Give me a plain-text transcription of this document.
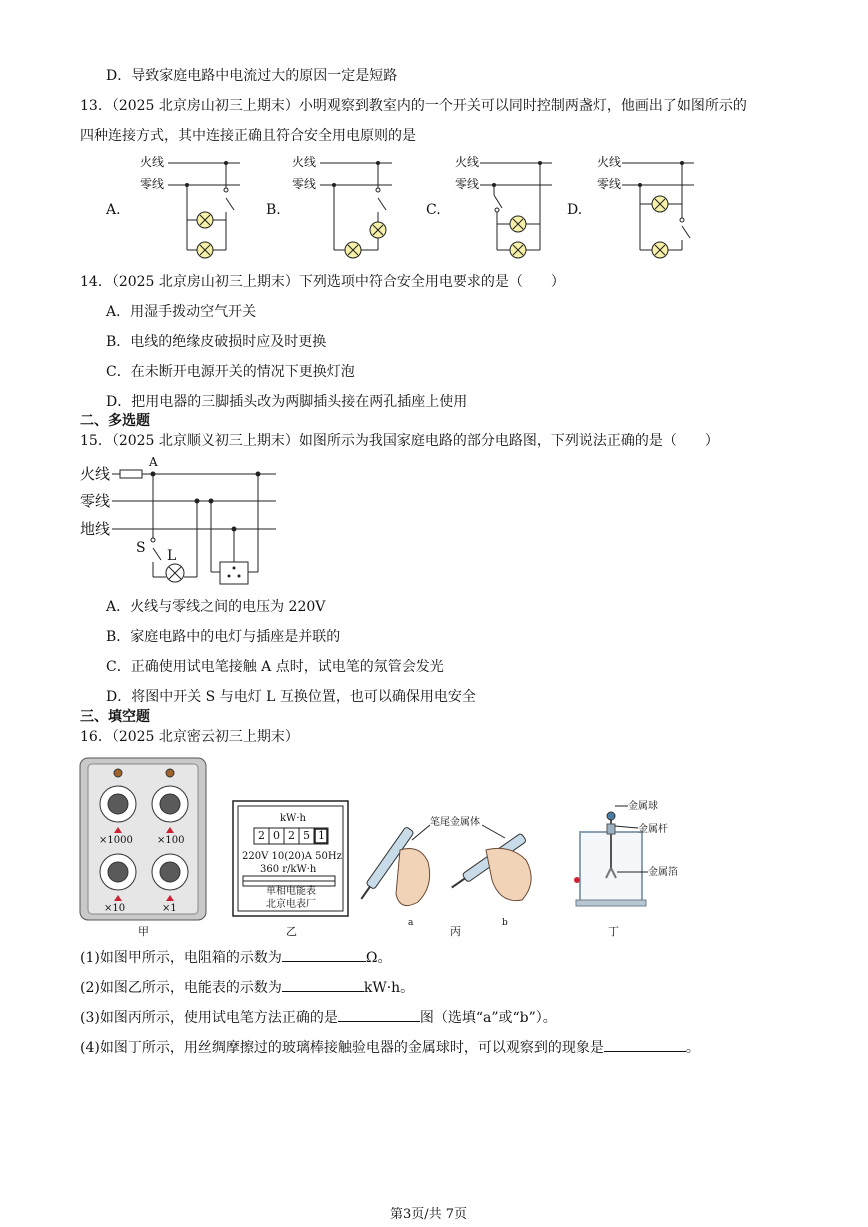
D．导致家庭电路中电流过大的原因一定是短路
13．（2025 北京房山初三上期末）小明观察到教室内的一个开关可以同时控制两盏灯，他画出了如图所示的
四种连接方式，其中连接正确且符合安全用电原则的是
A.
火线
零线
B.
火线
零线
C.
火线
零线
D.
火线
零线
14．（2025 北京房山初三上期末）下列选项中符合安全用电要求的是（　　）
A．用湿手拨动空气开关
B．电线的绝缘皮破损时应及时更换
C．在未断开电源开关的情况下更换灯泡
D．把用电器的三脚插头改为两脚插头接在两孔插座上使用
二、多选题
15．（2025 北京顺义初三上期末）如图所示为我国家庭电路的部分电路图，下列说法正确的是（　　）
火线
零线
地线
A
S L
A．火线与零线之间的电压为 220V
B．家庭电路中的电灯与插座是并联的
C．正确使用试电笔接触 A 点时，试电笔的氖管会发光
D．将图中开关 S 与电灯 L 互换位置，也可以确保用电安全
三、填空题
16．（2025 北京密云初三上期末）
×1000 ×100
×10	×1
甲
kW·h
2 0 2 5 1
220V 10(20)A 50Hz
360 r/kW·h
单相电能表
北京电表厂
乙
笔尾金属体
a	b
丙
金属球
金属杆
金属箔
丁
(1)如图甲所示，电阻箱的示数为	Ω。
(2)如图乙所示，电能表的示数为	kW·h。
(3)如图丙所示，使用试电笔方法正确的是	图（选填“a”或“b”）。
(4)如图丁所示，用丝绸摩擦过的玻璃棒接触验电器的金属球时，可以观察到的现象是	。
第3页/共 7页
